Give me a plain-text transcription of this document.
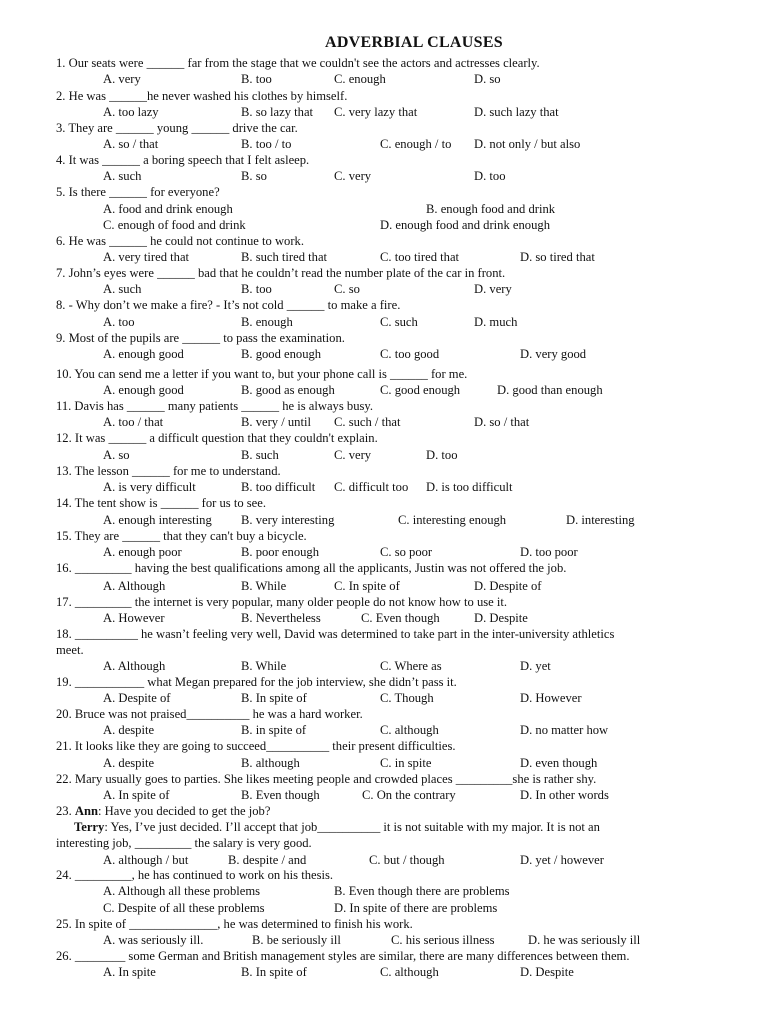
ADVERBIAL CLAUSES
1. Our seats were ______ far from the stage that we couldn't see the actors and actresses clearly.
A. very	B. too	C. enough	D. so
2. He was ______he never washed his clothes by himself.
A. too lazy	B. so lazy that C. very lazy that	D. such lazy that
3. They are ______ young ______ drive the car.
A. so / that	B. too / to	C. enough / to D. not only / but also
4. It was ______ a boring speech that I felt asleep.
A. such	B. so	C. very	D. too
5. Is there ______ for everyone?
A. food and drink enough	B. enough food and drink
C. enough of food and drink	D. enough food and drink enough
6. He was ______ he could not continue to work.
A. very tired that	B. such tired that	C. too tired that	D. so tired that
7. John’s eyes were ______ bad that he couldn’t read the number plate of the car in front.
A. such	B. too	C. so	D. very
8. - Why don’t we make a fire? - It’s not cold ______ to make a fire.
A. too	B. enough	C. such	D. much
9. Most of the pupils are ______ to pass the examination.
A. enough good	B. good enough	C. too good	D. very good
10. You can send me a letter if you want to, but your phone call is ______ for me.
A. enough good	B. good as enough	C. good enough	D. good than enough
11. Davis has ______ many patients ______ he is always busy.
A. too / that	B. very / until C. such / that	D. so / that
12. It was ______ a difficult question that they couldn't explain.
A. so	B. such	C. very	D. too
13. The lesson ______ for me to understand.
A. is very difficult	B. too difficult C. difficult too D. is too difficult
14. The tent show is ______ for us to see.
A. enough interesting B. very interesting	C. interesting enough	D. interesting
15. They are ______ that they can't buy a bicycle.
A. enough poor	B. poor enough	C. so poor	D. too poor
16. _________ having the best qualifications among all the applicants, Justin was not offered the job.
A. Although	B. While	C. In spite of	D. Despite of
17. _________ the internet is very popular, many older people do not know how to use it.
A. However	B. Nevertheless	C. Even though	D. Despite
18. __________ he wasn’t feeling very well, David was determined to take part in the inter-university athletics
meet.
A. Although	B. While	C. Where as	D. yet
19. ___________ what Megan prepared for the job interview, she didn’t pass it.
A. Despite of	B. In spite of	C. Though	D. However
20. Bruce was not praised__________ he was a hard worker.
A. despite	B. in spite of	C. although	D. no matter how
21. It looks like they are going to succeed__________ their present difficulties.
A. despite	B. although	C. in spite	D. even though
22. Mary usually goes to parties. She likes meeting people and crowded places _________she is rather shy.
A. In spite of	B. Even though	C. On the contrary	D. In other words
23. Ann: Have you decided to get the job?
Terry: Yes, I’ve just decided. I’ll accept that job__________ it is not suitable with my major. It is not an
interesting job, _________ the salary is very good.
A. although / but	B. despite / and	C. but / though	D. yet / however
24. _________, he has continued to work on his thesis.
A. Although all these problems	B. Even though there are problems
C. Despite of all these problems	D. In spite of there are problems
25. In spite of ______________, he was determined to finish his work.
A. was seriously ill.	B. be seriously ill	C. his serious illness	D. he was seriously ill
26. ________ some German and British management styles are similar, there are many differences between them.
A. In spite	B. In spite of	C. although	D. Despite
